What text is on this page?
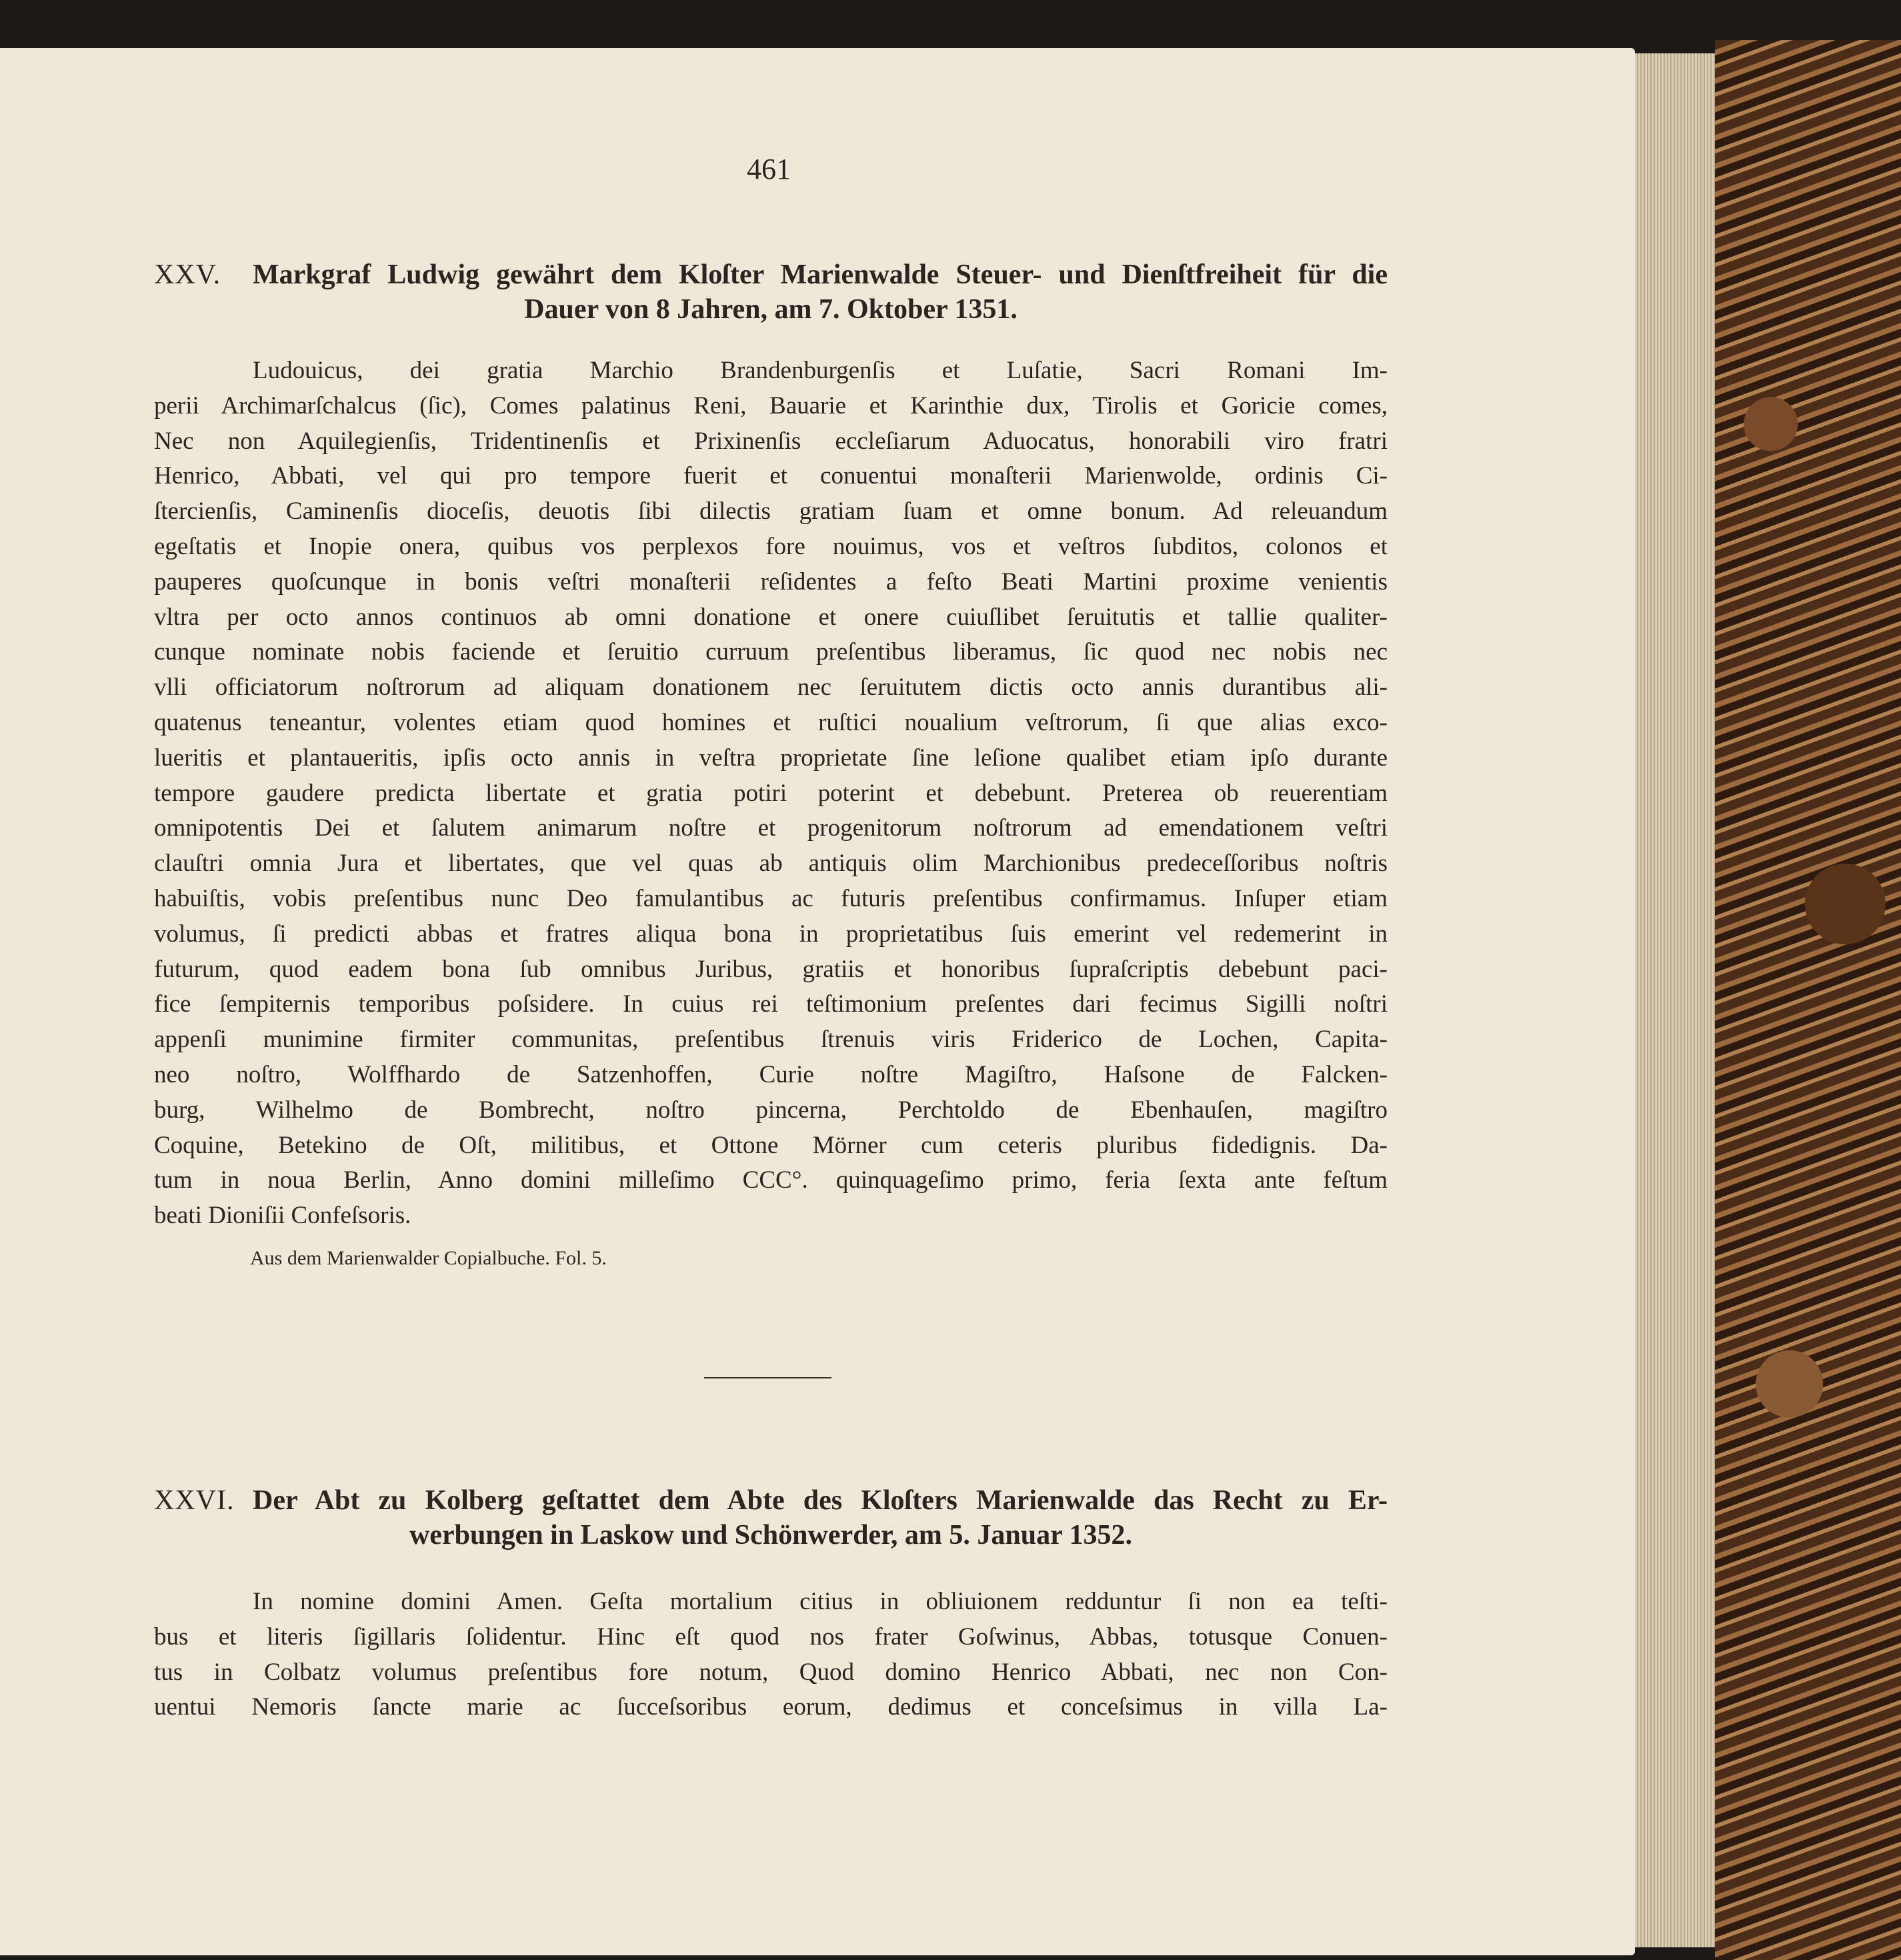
461
XXV. Markgraf Ludwig gewährt dem Kloſter Marienwalde Steuer- und Dienſtfreiheit für die
Dauer von 8 Jahren, am 7. Oktober 1351.
Ludouicus, dei gratia Marchio Brandenburgenſis et Luſatie, Sacri Romani Im-
perii Archimarſchalcus (ſic), Comes palatinus Reni, Bauarie et Karinthie dux, Tirolis et Goricie comes,
Nec non Aquilegienſis, Tridentinenſis et Prixinenſis eccleſiarum Aduocatus, honorabili viro fratri
Henrico, Abbati, vel qui pro tempore fuerit et conuentui monaſterii Marienwolde, ordinis Ci-
ſtercienſis, Caminenſis dioceſis, deuotis ſibi dilectis gratiam ſuam et omne bonum. Ad releuandum
egeſtatis et Inopie onera, quibus vos perplexos fore nouimus, vos et veſtros ſubditos, colonos et
pauperes quoſcunque in bonis veſtri monaſterii reſidentes a feſto Beati Martini proxime venientis
vltra per octo annos continuos ab omni donatione et onere cuiuſlibet ſeruitutis et tallie qualiter-
cunque nominate nobis faciende et ſeruitio curruum preſentibus liberamus, ſic quod nec nobis nec
vlli officiatorum noſtrorum ad aliquam donationem nec ſeruitutem dictis octo annis durantibus ali-
quatenus teneantur, volentes etiam quod homines et ruſtici noualium veſtrorum, ſi que alias exco-
lueritis et plantaueritis, ipſis octo annis in veſtra proprietate ſine leſione qualibet etiam ipſo durante
tempore gaudere predicta libertate et gratia potiri poterint et debebunt. Preterea ob reuerentiam
omnipotentis Dei et ſalutem animarum noſtre et progenitorum noſtrorum ad emendationem veſtri
clauſtri omnia Jura et libertates, que vel quas ab antiquis olim Marchionibus predeceſſoribus noſtris
habuiſtis, vobis preſentibus nunc Deo famulantibus ac futuris preſentibus confirmamus. Inſuper etiam
volumus, ſi predicti abbas et fratres aliqua bona in proprietatibus ſuis emerint vel redemerint in
futurum, quod eadem bona ſub omnibus Juribus, gratiis et honoribus ſupraſcriptis debebunt paci-
fice ſempiternis temporibus poſsidere. In cuius rei teſtimonium preſentes dari fecimus Sigilli noſtri
appenſi munimine firmiter communitas, preſentibus ſtrenuis viris Friderico de Lochen, Capita-
neo noſtro, Wolffhardo de Satzenhoffen, Curie noſtre Magiſtro, Haſsone de Falcken-
burg, Wilhelmo de Bombrecht, noſtro pincerna, Perchtoldo de Ebenhauſen, magiſtro
Coquine, Betekino de Oſt, militibus, et Ottone Mörner cum ceteris pluribus fidedignis. Da-
tum in noua Berlin, Anno domini milleſimo CCC°. quinquageſimo primo, feria ſexta ante feſtum
beati Dioniſii Confeſsoris.
Aus dem Marienwalder Copialbuche. Fol. 5.
XXVI. Der Abt zu Kolberg geſtattet dem Abte des Kloſters Marienwalde das Recht zu Er-
werbungen in Laskow und Schönwerder, am 5. Januar 1352.
In nomine domini Amen. Geſta mortalium citius in obliuionem redduntur ſi non ea teſti-
bus et literis ſigillaris ſolidentur. Hinc eſt quod nos frater Goſwinus, Abbas, totusque Conuen-
tus in Colbatz volumus preſentibus fore notum, Quod domino Henrico Abbati, nec non Con-
uentui Nemoris ſancte marie ac ſucceſsoribus eorum, dedimus et conceſsimus in villa La-
